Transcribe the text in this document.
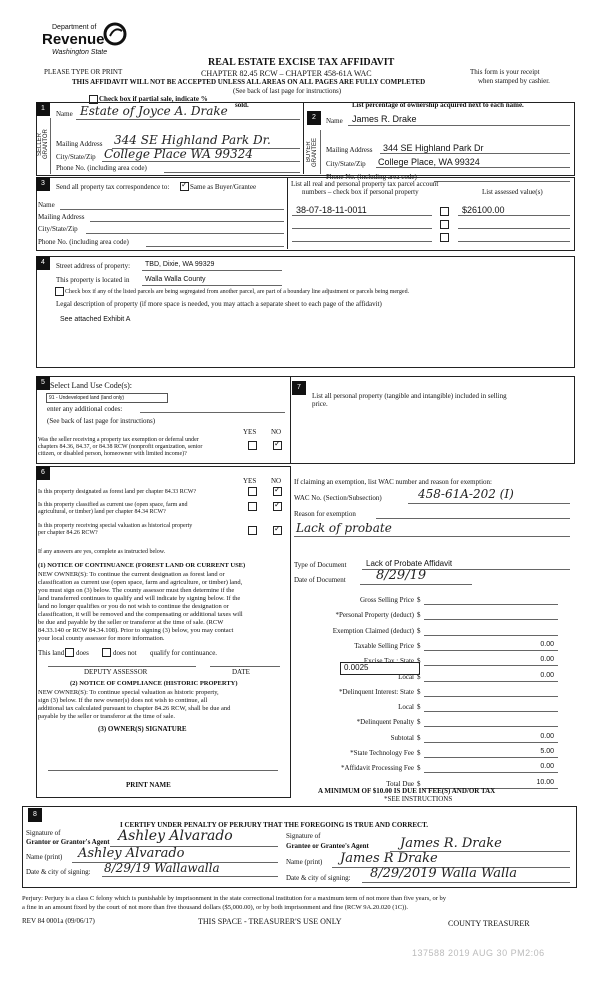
Department of
Revenue
Washington State
PLEASE TYPE OR PRINT
REAL ESTATE EXCISE TAX AFFIDAVIT
CHAPTER 82.45 RCW – CHAPTER 458-61A WAC
THIS AFFIDAVIT WILL NOT BE ACCEPTED UNLESS ALL AREAS ON ALL PAGES ARE FULLY COMPLETED
(See back of last page for instructions)
This form is your receipt
when stamped by cashier.
Check box if partial sale, indicate %
sold.	List percentage of ownership acquired next to each name.
1
2
SELLER GRANTOR	BUYER GRANTEE
Name Estate of Joyce A. Drake
Mailing Address 344 SE Highland Park Dr.
City/State/Zip College Place WA 99324
Phone No. (including area code)
Name James R. Drake
Mailing Address 344 SE Highland Park Dr
City/State/Zip College Place, WA 99324
Phone No. (including area code)
3	Send all property tax correspondence to:
✓	Same as Buyer/Grantee
Name
Mailing Address
City/State/Zip
Phone No. (including area code)
List all real and personal property tax parcel account
numbers – check box if personal property	List assessed value(s)
38-07-18-11-0011	$26100.00
4	Street address of property: TBD, Dixie, WA 99329
This property is located in Walla Walla County
Check box if any of the listed parcels are being segregated from another parcel, are part of a boundary line adjustment or parcels being merged.
Legal description of property (if more space is needed, you may attach a separate sheet to each page of the affidavit)
See attached Exhibit A
5
7
Select Land Use Code(s):
91 - Undeveloped land (land only)
enter any additional codes:
(See back of last page for instructions)
YES NO
Was the seller receiving a property tax exemption or deferral under
chapters 84.36, 84.37, or 84.38 RCW (nonprofit organization, senior
citizen, or disabled person, homeowner with limited income)?
✓
List all personal property (tangible and intangible) included in selling
price.
6
YES NO
Is this property designated as forest land per chapter 84.33 RCW?
✓
Is this property classified as current use (open space, farm and
agricultural, or timber) land per chapter 84.34 RCW?
✓
Is this property receiving special valuation as historical property
per chapter 84.26 RCW?
✓
If any answers are yes, complete as instructed below.
(1) NOTICE OF CONTINUANCE (FOREST LAND OR CURRENT USE)
NEW OWNER(S): To continue the current designation as forest land or
classification as current use (open space, farm and agriculture, or timber) land,
you must sign on (3) below. The county assessor must then determine if the
land transferred continues to qualify and will indicate by signing below. If the
land no longer qualifies or you do not wish to continue the designation or
classification, it will be removed and the compensating or additional taxes will
be due and payable by the seller or transferor at the time of sale. (RCW
84.33.140 or RCW 84.34.108). Prior to signing (3) below, you may contact
your local county assessor for more information.
This land does	does not qualify for continuance.
DEPUTY ASSESSOR	DATE
(2) NOTICE OF COMPLIANCE (HISTORIC PROPERTY)
NEW OWNER(S): To continue special valuation as historic property,
sign (3) below. If the new owner(s) does not wish to continue, all
additional tax calculated pursuant to chapter 84.26 RCW, shall be due and
payable by the seller or transferor at the time of sale.
(3) OWNER(S) SIGNATURE
PRINT NAME
If claiming an exemption, list WAC number and reason for exemption:
WAC No. (Section/Subsection)	458-61A-202 (I)
Reason for exemption
Lack of probate
Type of Document Lack of Probate Affidavit
Date of Document 8/29/19
Gross Selling Price $
*Personal Property (deduct) $
Exemption Claimed (deduct) $
Taxable Selling Price $	0.00
Excise Tax : State $	0.00
Local $	0.00
*Delinquent Interest: State $
Local $
*Delinquent Penalty $
Subtotal $	0.00
*State Technology Fee $	5.00
*Affidavit Processing Fee $	0.00
Total Due $	10.00
0.0025
A MINIMUM OF $10.00 IS DUE IN FEE(S) AND/OR TAX
*SEE INSTRUCTIONS
8
I CERTIFY UNDER PENALTY OF PERJURY THAT THE FOREGOING IS TRUE AND CORRECT.
Signature of
Grantor or Grantor's Agent Ashley Alvarado
Name (print) Ashley Alvarado
Date & city of signing: 8/29/19 Wallawalla
Signature of
Grantee or Grantee's Agent James R. Drake
Name (print) James R Drake
Date & city of signing: 8/29/2019 Walla Walla
Perjury: Perjury is a class C felony which is punishable by imprisonment in the state correctional institution for a maximum term of not more than five years, or by
a fine in an amount fixed by the court of not more than five thousand dollars ($5,000.00), or by both imprisonment and fine (RCW 9A.20.020 (1C)).
REV 84 0001a (09/06/17)	THIS SPACE - TREASURER'S USE ONLY	COUNTY TREASURER
137588 2019 AUG 30 PM2:06
